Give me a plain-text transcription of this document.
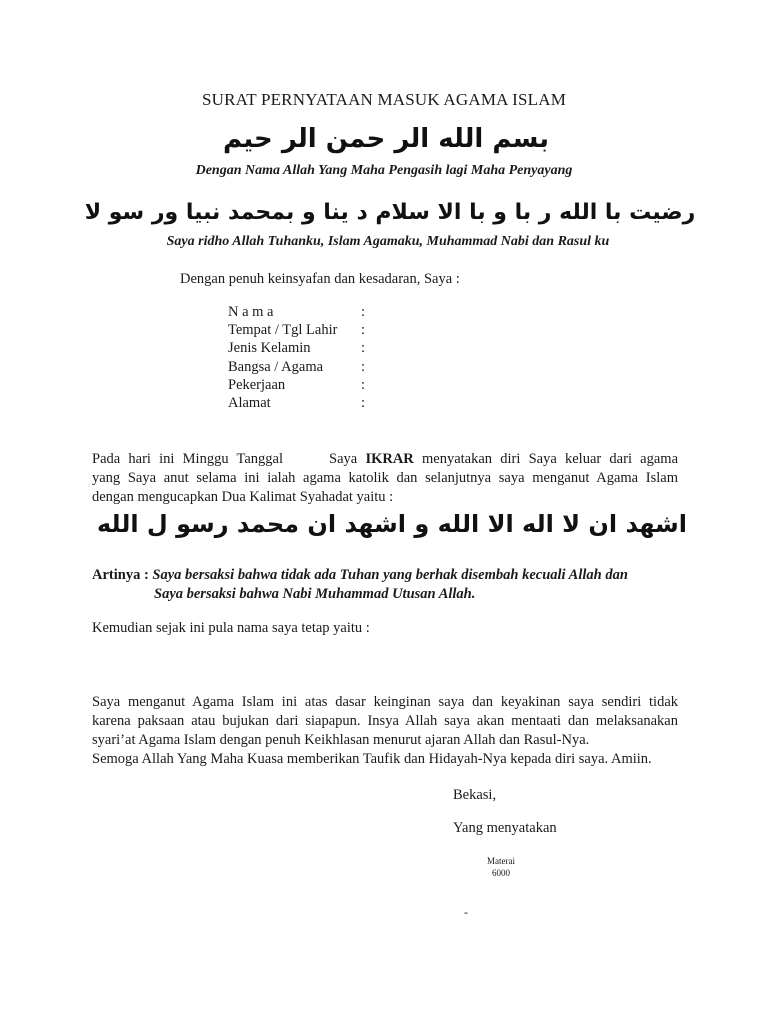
SURAT PERNYATAAN MASUK AGAMA ISLAM
بسم الله الر حمن الر حيم
Dengan Nama Allah Yang Maha Pengasih lagi Maha Penyayang
رضيت با الله ر با و با الا سلام د ينا و بمحمد نبيا ور سو لا
Saya ridho Allah Tuhanku, Islam Agamaku, Muhammad Nabi dan Rasul ku
Dengan penuh keinsyafan dan kesadaran, Saya :
N a m a	:
Tempat / Tgl Lahir :
Jenis Kelamin	:
Bangsa / Agama	:
Pekerjaan	:
Alamat	:
Pada hari ini Minggu Tanggal	Saya IKRAR menyatakan diri Saya keluar dari agama
yang Saya anut selama ini ialah agama katolik dan selanjutnya saya menganut Agama Islam
dengan mengucapkan Dua Kalimat Syahadat yaitu :
اشهد ان لا اله الا الله و اشهد ان محمد رسو ل الله
Artinya : Saya bersaksi bahwa tidak ada Tuhan yang berhak disembah kecuali Allah dan
Saya bersaksi bahwa Nabi Muhammad Utusan Allah.
Kemudian sejak ini pula nama saya tetap yaitu :
Saya menganut Agama Islam ini atas dasar keinginan saya dan keyakinan saya sendiri tidak
karena paksaan atau bujukan dari siapapun. Insya Allah saya akan mentaati dan melaksanakan
syari’at Agama Islam dengan penuh Keikhlasan menurut ajaran Allah dan Rasul-Nya.
Semoga Allah Yang Maha Kuasa memberikan Taufik dan Hidayah-Nya kepada diri saya. Amiin.
Bekasi,
Yang menyatakan
Materai
6000
-
